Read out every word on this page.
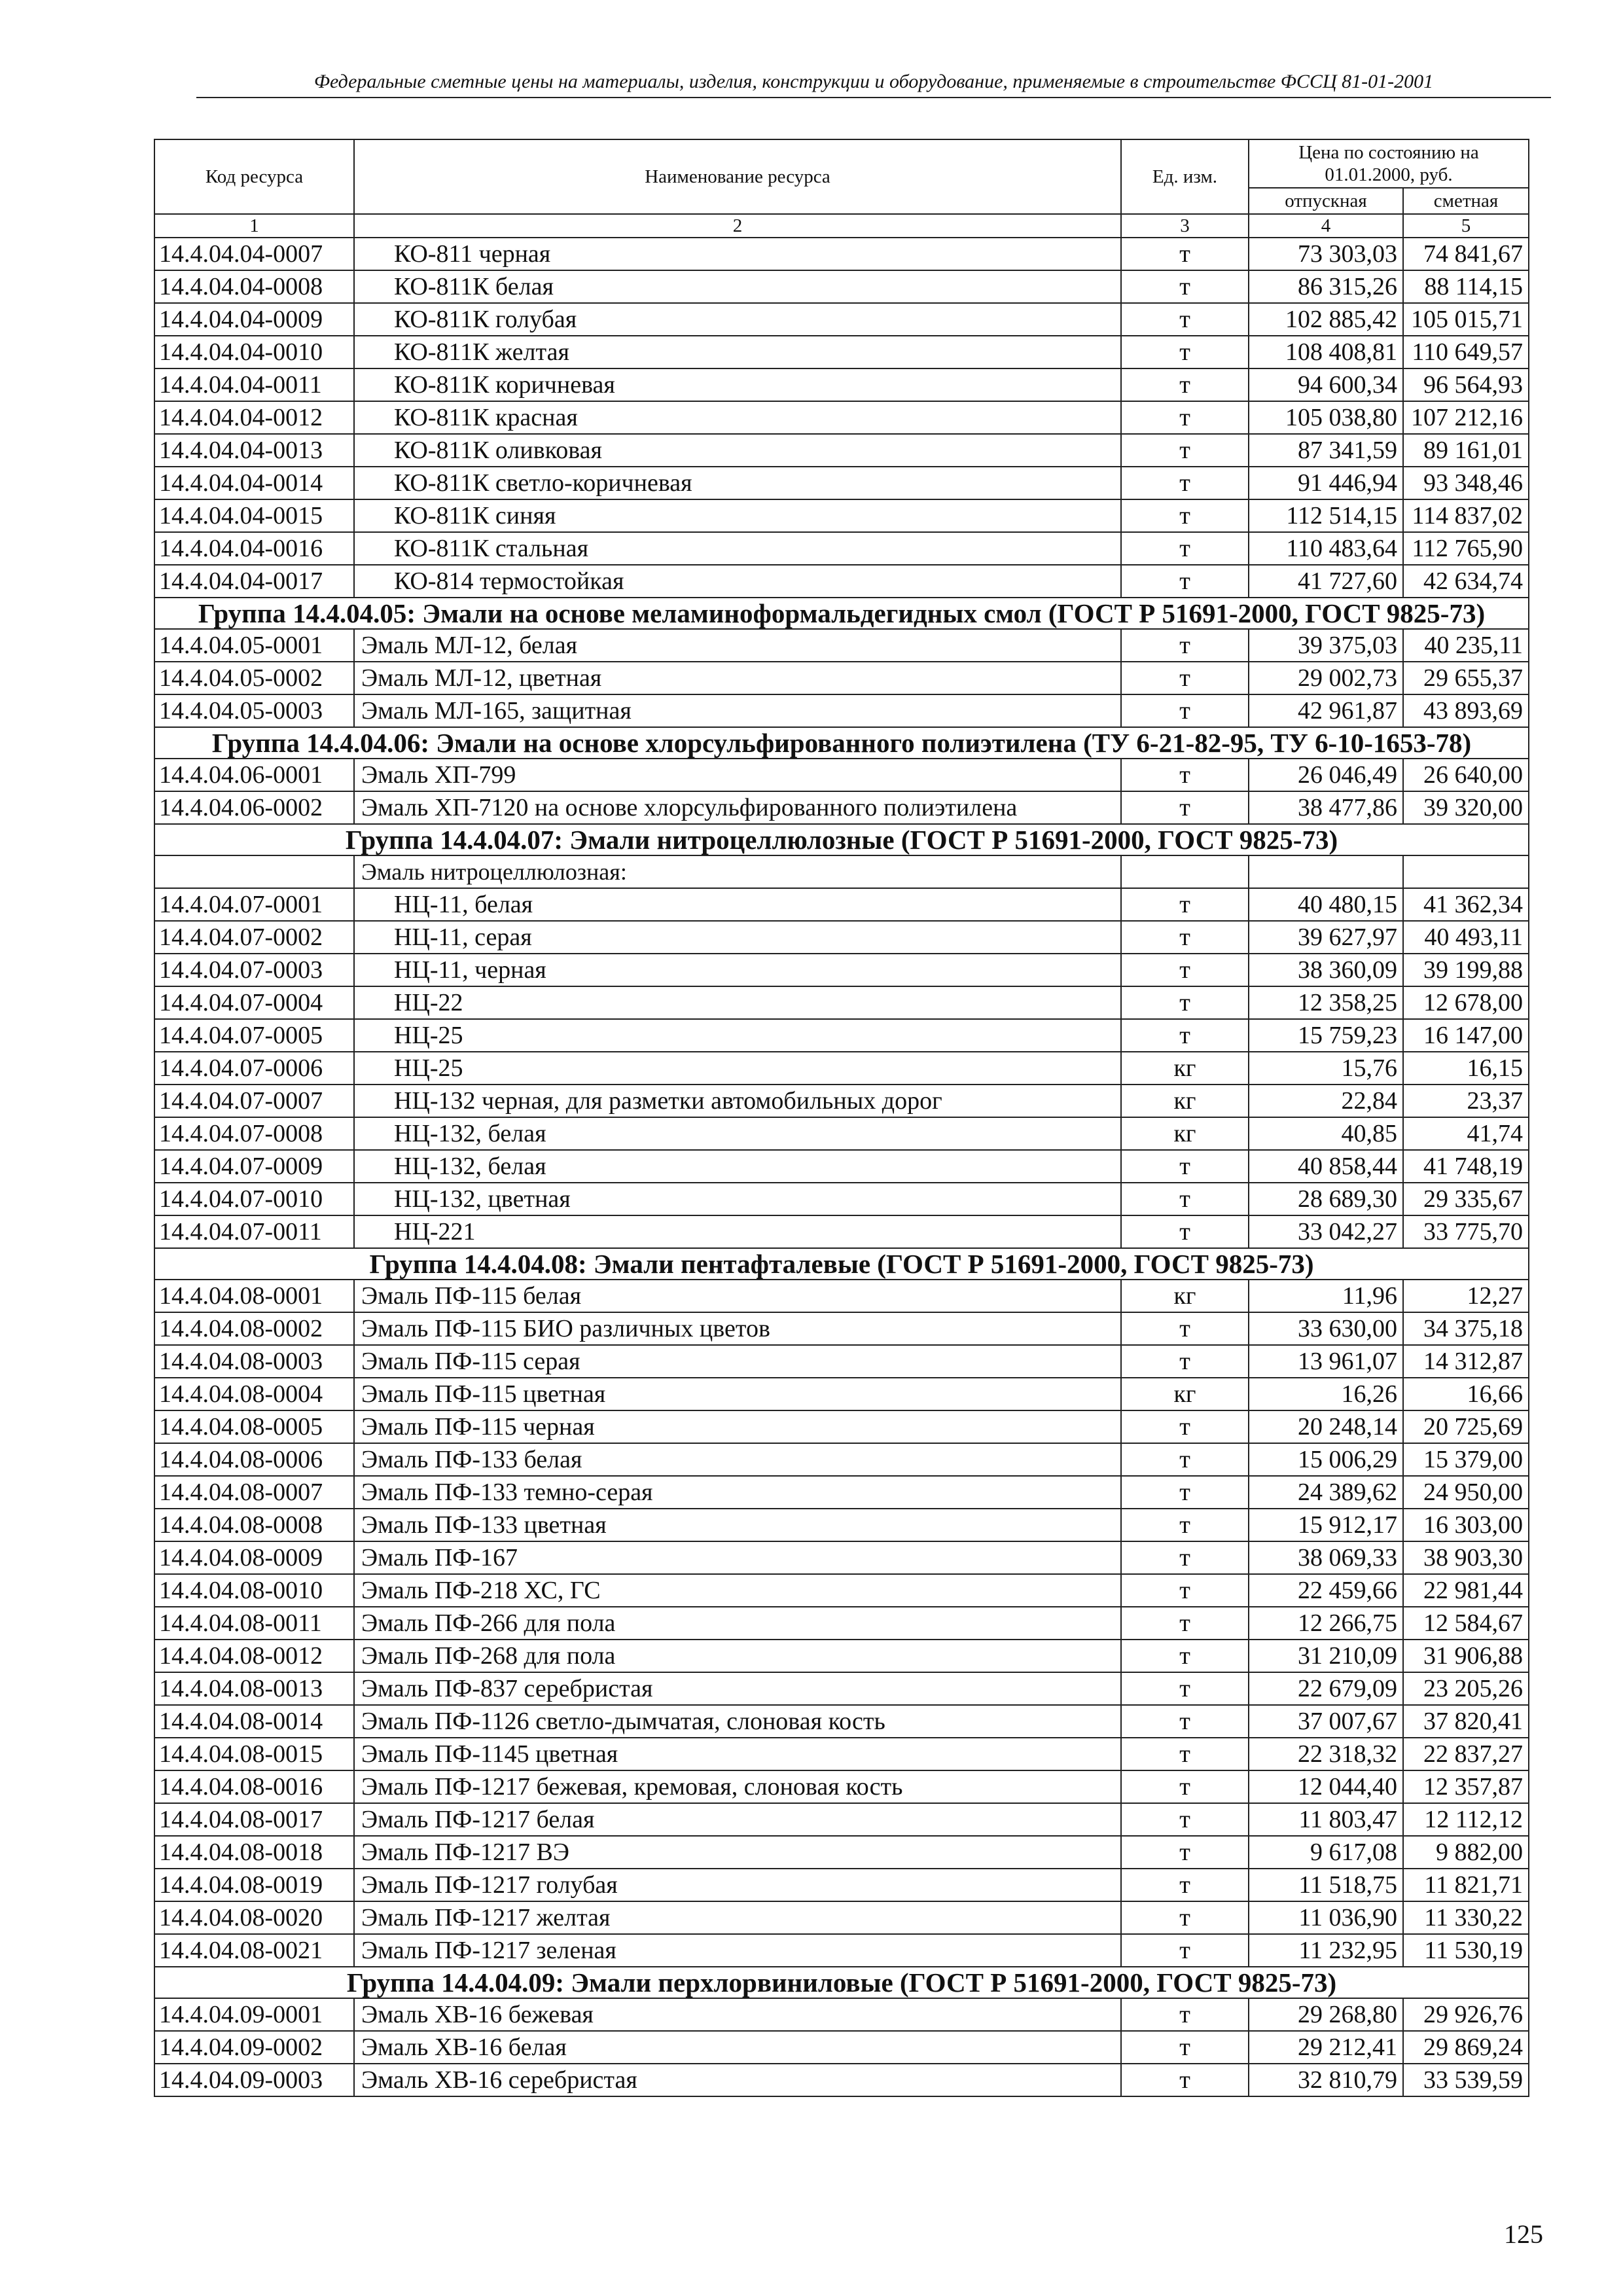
Федеральные сметные цены на материалы, изделия, конструкции и оборудование, применяемые в строительстве ФССЦ 81-01-2001
Код ресурса	Наименование ресурса	Ед. изм.	Цена по состоянию на 01.01.2000, руб.	
			отпускная	сметная
1	2	3	4	5
14.4.04.04-0007	КО-811 черная	т	73 303,03	74 841,67
14.4.04.04-0008	КО-811К белая	т	86 315,26	88 114,15
14.4.04.04-0009	КО-811К голубая	т	102 885,42	105 015,71
14.4.04.04-0010	КО-811К желтая	т	108 408,81	110 649,57
14.4.04.04-0011	КО-811К коричневая	т	94 600,34	96 564,93
14.4.04.04-0012	КО-811К красная	т	105 038,80	107 212,16
14.4.04.04-0013	КО-811К оливковая	т	87 341,59	89 161,01
14.4.04.04-0014	КО-811К светло-коричневая	т	91 446,94	93 348,46
14.4.04.04-0015	КО-811К синяя	т	112 514,15	114 837,02
14.4.04.04-0016	КО-811К стальная	т	110 483,64	112 765,90
14.4.04.04-0017	КО-814 термостойкая	т	41 727,60	42 634,74
Группа 14.4.04.05: Эмали на основе меламиноформальдегидных смол (ГОСТ Р 51691-2000, ГОСТ 9825-73)				
14.4.04.05-0001	Эмаль МЛ-12, белая	т	39 375,03	40 235,11
14.4.04.05-0002	Эмаль МЛ-12, цветная	т	29 002,73	29 655,37
14.4.04.05-0003	Эмаль МЛ-165, защитная	т	42 961,87	43 893,69
Группа 14.4.04.06: Эмали на основе хлорсульфированного полиэтилена (ТУ 6-21-82-95, ТУ 6-10-1653-78)				
14.4.04.06-0001	Эмаль ХП-799	т	26 046,49	26 640,00
14.4.04.06-0002	Эмаль ХП-7120 на основе хлорсульфированного полиэтилена	т	38 477,86	39 320,00
Группа 14.4.04.07: Эмали нитроцеллюлозные (ГОСТ Р 51691-2000, ГОСТ 9825-73)				
	Эмаль нитроцеллюлозная:			
14.4.04.07-0001	НЦ-11, белая	т	40 480,15	41 362,34
14.4.04.07-0002	НЦ-11, серая	т	39 627,97	40 493,11
14.4.04.07-0003	НЦ-11, черная	т	38 360,09	39 199,88
14.4.04.07-0004	НЦ-22	т	12 358,25	12 678,00
14.4.04.07-0005	НЦ-25	т	15 759,23	16 147,00
14.4.04.07-0006	НЦ-25	кг	15,76	16,15
14.4.04.07-0007	НЦ-132 черная, для разметки автомобильных дорог	кг	22,84	23,37
14.4.04.07-0008	НЦ-132, белая	кг	40,85	41,74
14.4.04.07-0009	НЦ-132, белая	т	40 858,44	41 748,19
14.4.04.07-0010	НЦ-132, цветная	т	28 689,30	29 335,67
14.4.04.07-0011	НЦ-221	т	33 042,27	33 775,70
Группа 14.4.04.08: Эмали пентафталевые (ГОСТ Р 51691-2000, ГОСТ 9825-73)				
14.4.04.08-0001	Эмаль ПФ-115 белая	кг	11,96	12,27
14.4.04.08-0002	Эмаль ПФ-115 БИО различных цветов	т	33 630,00	34 375,18
14.4.04.08-0003	Эмаль ПФ-115 серая	т	13 961,07	14 312,87
14.4.04.08-0004	Эмаль ПФ-115 цветная	кг	16,26	16,66
14.4.04.08-0005	Эмаль ПФ-115 черная	т	20 248,14	20 725,69
14.4.04.08-0006	Эмаль ПФ-133 белая	т	15 006,29	15 379,00
14.4.04.08-0007	Эмаль ПФ-133 темно-серая	т	24 389,62	24 950,00
14.4.04.08-0008	Эмаль ПФ-133 цветная	т	15 912,17	16 303,00
14.4.04.08-0009	Эмаль ПФ-167	т	38 069,33	38 903,30
14.4.04.08-0010	Эмаль ПФ-218 ХС, ГС	т	22 459,66	22 981,44
14.4.04.08-0011	Эмаль ПФ-266 для пола	т	12 266,75	12 584,67
14.4.04.08-0012	Эмаль ПФ-268 для пола	т	31 210,09	31 906,88
14.4.04.08-0013	Эмаль ПФ-837 серебристая	т	22 679,09	23 205,26
14.4.04.08-0014	Эмаль ПФ-1126 светло-дымчатая, слоновая кость	т	37 007,67	37 820,41
14.4.04.08-0015	Эмаль ПФ-1145 цветная	т	22 318,32	22 837,27
14.4.04.08-0016	Эмаль ПФ-1217 бежевая, кремовая, слоновая кость	т	12 044,40	12 357,87
14.4.04.08-0017	Эмаль ПФ-1217 белая	т	11 803,47	12 112,12
14.4.04.08-0018	Эмаль ПФ-1217 ВЭ	т	9 617,08	9 882,00
14.4.04.08-0019	Эмаль ПФ-1217 голубая	т	11 518,75	11 821,71
14.4.04.08-0020	Эмаль ПФ-1217 желтая	т	11 036,90	11 330,22
14.4.04.08-0021	Эмаль ПФ-1217 зеленая	т	11 232,95	11 530,19
Группа 14.4.04.09: Эмали перхлорвиниловые (ГОСТ Р 51691-2000, ГОСТ 9825-73)				
14.4.04.09-0001	Эмаль ХВ-16 бежевая	т	29 268,80	29 926,76
14.4.04.09-0002	Эмаль ХВ-16 белая	т	29 212,41	29 869,24
14.4.04.09-0003	Эмаль ХВ-16 серебристая	т	32 810,79	33 539,59
125
